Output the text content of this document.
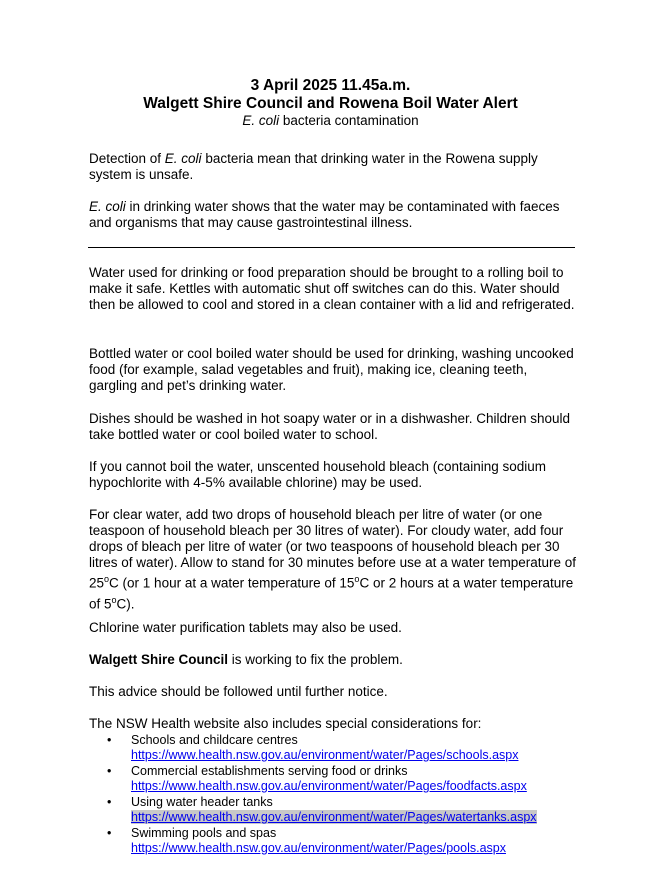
3 April 2025 11.45a.m.
Walgett Shire Council and Rowena Boil Water Alert
E. coli bacteria contamination

Detection of E. coli bacteria mean that drinking water in the Rowena supply system is unsafe.

E. coli in drinking water shows that the water may be contaminated with faeces and organisms that may cause gastrointestinal illness.

Water used for drinking or food preparation should be brought to a rolling boil to make it safe. Kettles with automatic shut off switches can do this. Water should then be allowed to cool and stored in a clean container with a lid and refrigerated.

Bottled water or cool boiled water should be used for drinking, washing uncooked food (for example, salad vegetables and fruit), making ice, cleaning teeth, gargling and pet’s drinking water.

Dishes should be washed in hot soapy water or in a dishwasher. Children should take bottled water or cool boiled water to school.

If you cannot boil the water, unscented household bleach (containing sodium hypochlorite with 4-5% available chlorine) may be used.

For clear water, add two drops of household bleach per litre of water (or one teaspoon of household bleach per 30 litres of water). For cloudy water, add four drops of bleach per litre of water (or two teaspoons of household bleach per 30 litres of water). Allow to stand for 30 minutes before use at a water temperature of 25$^o$C (or 1 hour at a water temperature of 15$^o$C or 2 hours at a water temperature of 5$^o$C).

Chlorine water purification tablets may also be used.

Walgett Shire Council is working to fix the problem.

This advice should be followed until further notice.

The NSW Health website also includes special considerations for:

• Schools and childcare centres
https://www.health.nsw.gov.au/environment/water/Pages/schools.aspx
• Commercial establishments serving food or drinks
https://www.health.nsw.gov.au/environment/water/Pages/foodfacts.aspx
• Using water header tanks
https://www.health.nsw.gov.au/environment/water/Pages/watertanks.aspx
• Swimming pools and spas
https://www.health.nsw.gov.au/environment/water/Pages/pools.aspx
